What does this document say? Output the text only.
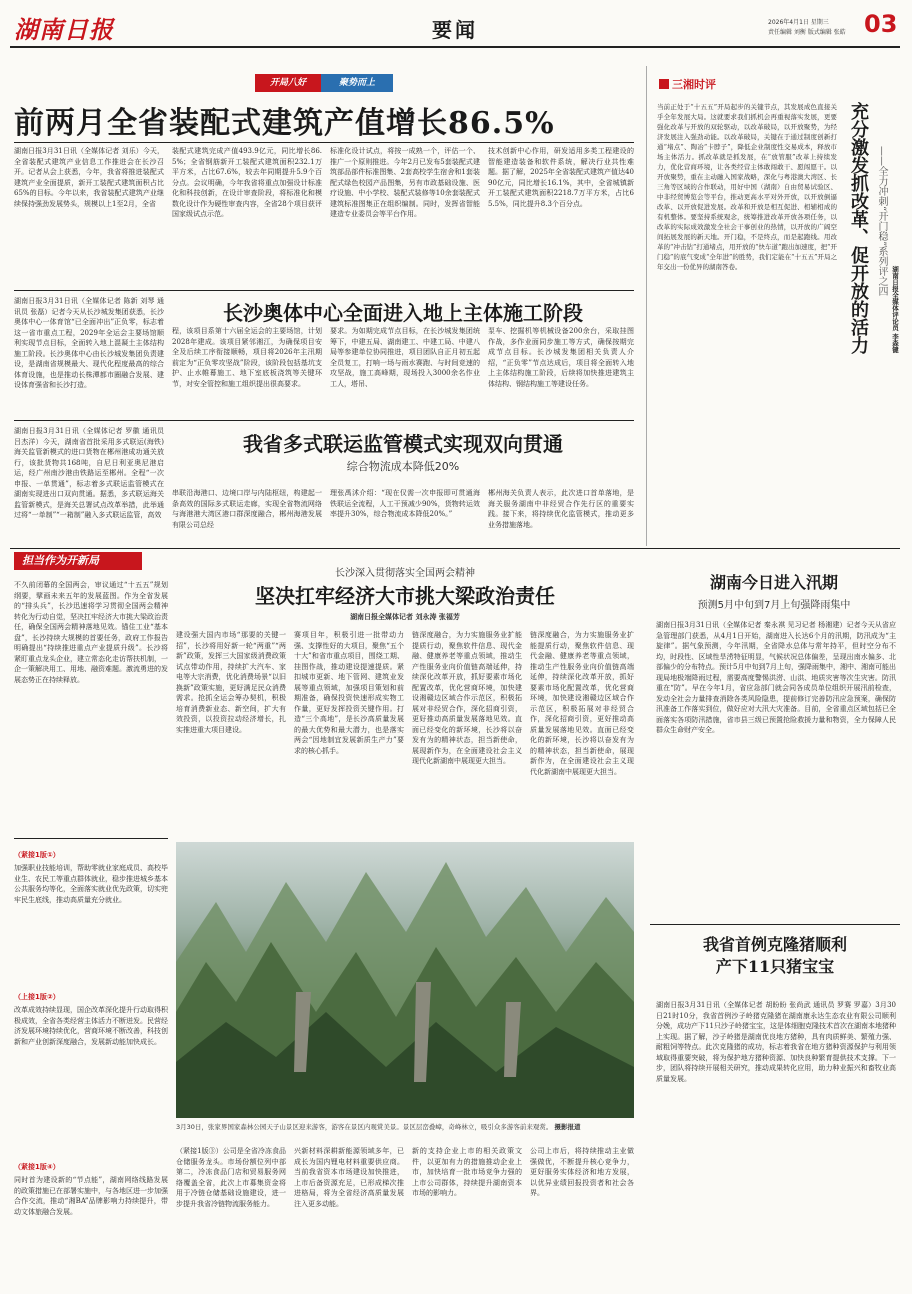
湖南日报	要闻	2026年4月1日 星期三
责任编辑 刘衡 版式编辑 张皓 03
开局八好	聚势而上
前两月全省装配式建筑产值增长86.5%
湖南日报3月31日讯（全媒体记者 刘乐）今天，全省装配式建筑产业信息工作推进会在长沙召开。记者从会上获悉，今年，我省将推进装配式建筑产业全面提质，新开工装配式建筑面积占比65%的目标。今年以来，我省装配式建筑产业继续保持强劲发展势头，规模以上1至2月，全省
装配式建筑完成产值493.9亿元，同比增长86.5%；全省钢筋新开工装配式建筑面积232.1万平方米，占比67.6%，较去年同期提升5.9个百分点。会议明确，今年我省将重点加强设计标准化和科技创新，在设计审查阶段，将标准化和模数化设计作为硬性审查内容，全省28个项目获评国家级试点示范。
标准化设计试点，将按一成熟一个，评估一个、推广一个原则推进。今年2月已发布5套装配式建筑部品部件标准图集、2套高校学生宿舍和1套装配式绿色校园产品图集，另有市政基础设施、医疗设施、中小学校、装配式装修等10余套装配式建筑标准图集正在组织编制。同时，发挥省智能建造专业委员会等平台作用。
技术创新中心作用，研发适用多类工程建设的智能建造装备和软件系统，解决行业共性难题。据了解，2025年全省装配式建筑产值达4090亿元，同比增长16.1%，其中，全省城镇新开工装配式建筑面积2218.7万平方米，占比65.5%，同比提升8.3个百分点。
湖南日报3月31日讯（全媒体记者 陈新 刘琴 通讯员 张磊）记者今天从长沙城发集团获悉，长沙奥体中心一体育馆“已全面冲出”正负零，标志着这一省市重点工程，2029年全运会主要场馆顺利实现节点目标，全面转入地上混凝土主体结构施工阶段。长沙奥体中心由长沙城发集团负责建设，是湖南省规模最大、现代化程度最高的综合体育设施，也是推动长株潭都市圈融合发展、建设体育强省和长沙打造。
长沙奥体中心全面进入地上主体施工阶段
程，该项目系第十六届全运会的主要场馆，计划2028年建成。该项目紧邻湘江，为确保项目安全及后续工序衔接顺畅，项目将2026年主汛期前定为“正负零攻坚战”阶段，该阶段包括基坑支护、止水帷幕施工、地下室底板浇筑等关键环节，对安全管控和施工组织提出很高要求。
要求。为如期完成节点目标，在长沙城发集团统筹下，中建五局、湖南建工、中建工局、中建八局等参建单位协同推进，项目团队自正月初五起全员复工，打响一场与雨水赛跑、与时间竞速的攻坚战，施工高峰期，现场投入3000余名作业工人，塔吊、
泵车、挖掘机等机械设备200余台，采取挂图作战，多作业面同步施工等方式，确保按期完成节点目标。长沙城发集团相关负责人介绍，“正负零”节点达成后，项目将全面转入地上主体结构施工阶段，后续将加快推进建筑主体结构、钢结构施工等建设任务。
湖南日报3月31日讯（全媒体记者 罗徽 通讯员 吕杰洋）今天，湖南省首批采用多式联运(海铁)海关监管新模式的进口货物在郴州港成功通关放行，该批货物共168吨，自尼日利亚奥尼港启运，经广州南沙港由铁路运至郴州。全程“一次申报、一单贯通”，标志着多式联运监管模式在湖南实现进出口双向贯通。据悉，多式联运海关监管新模式，是海关总署试点改革举措，此举通过将“一单制”“一箱制”融入多式联运监管，高效
我省多式联运监管模式实现双向贯通
综合物流成本降低20%
串联沿海港口、边境口岸与内陆枢纽，构建起一条高效的国际多式联运走廊，实现全省物流网络与海港港大湾区港口群深度融合，郴州海港发展有限公司总经
理张禹沭介绍：“现在仅需一次申报即可贯通海铁联运全流程，人工干预减少90%，货物转运效率提升30%，综合物流成本降低20%。”
郴州海关负责人表示，此次进口首单落地，是海关服务湖南中非经贸合作先行区的重要实践。接下来，将持续优化监管模式，推动更多业务措施落地。
三湘时评
当前正处于“十五五”开局起步的关键节点，其发展成色直接关乎全年发展大局。这就要求我们抓机会再重视落实发展，更要强化改革与开放的双轮驱动，以改革破局，以开放聚势，为经济发展注入强劲动能。以改革破局，关键在于通过制度创新打通“堵点”、陶冶“卡脖子”，降低企业制度性交易成本，释放市场主体活力。抓改革就是抓发展，在“放管服”改革上持续发力，优化营商环境，让各类经营主体敢闯敢干、愿闯愿干。以开放聚势，重在主动融入国家战略，深化与粤港澳大湾区、长三角等区域的合作联动，用好中国（湖南）自由贸易试验区、中非经贸博览会等平台，推动更高水平对外开放，以开放倒逼改革、以开放促进发展。改革和开放是相互促进、相辅相成的有机整体。要坚持系统观念，统筹推进改革开放各项任务，以改革的实际成效激发全社会干事创业的热情，以开放的广阔空间拓展发展的新天地。开门稳，不是终点，而是起跑线。用改革的“冲击钻”打通堵点，用开放的“快车道”跑出加速度，把“开门稳”的底气变成“全年进”的胜势，我们定能在“十五五”开局之年交出一份优异的湖南答卷。	充分激发抓改革、促开放的活力 ——全力冲刺“开门稳”系列评之四
湖南日报全媒体评论员 李森键
担当作为开新局
长沙深入贯彻落实全国两会精神
坚决扛牢经济大市挑大梁政治责任
湖南日报全媒体记者 刘永涛 张福芳
不久前闭幕的全国两会，审议通过“十五五”规划纲要，擘画未来五年的发展蓝图。作为全省发展的“排头兵”，长沙迅速将学习贯彻全国两会精神转化为行动自觉，坚决扛牢经济大市挑大梁政治责任，确保全国两会精神落地见效。锚住工业“基本盘”，长沙持续大规模的首要任务，政府工作报告明确提出“持续推进重点产业提质升级”。长沙将紧盯重点龙头企业，建立常态化走访帮扶机制，一企一策解决用工、用地、融资难题。激流勇进的发展态势正在持续释放。
建设强大国内市场“那要的关键一招”，长沙将用好新一轮“两重”“两新”政策，发挥三大国家级消费政策试点带动作用，持续扩大汽车、家电等大宗消费，优化消费场景“以旧换新”政策实施，更好满足民众消费需求。抢抓全运会筹办契机，积极培育消费新业态、新空间，扩大有效投资，以投资拉动经济增长，扎实推进重大项目建设。
赛项目年，积极引进一批带动力强、支撑性好的大项目，聚焦“五个十大”和省市重点项目，围绕工期、挂图作战，推动建设提速提质。紧扣城市更新、地下管网、建筑业发展等重点领域，加强项目策划和前期准备，确保投资快速形成实物工作量，更好发挥投资关键作用。打造“三个高地”，是长沙高质量发展的最大优势和最大潜力，也是落实两会“因地制宜发展新质生产力”要求的核心抓手。
链深度融合，为力实施服务业扩能提质行动，聚焦软件信息、现代金融、健康养老等重点领域，推动生产性服务业向价值链高端延伸，持续深化改革开放，抓好要素市场化配置改革，优化营商环境，加快建设湘赣边区域合作示范区，积极拓展对非经贸合作，深化招商引资，更好推动高质量发展落地见效。直面已经变化的新环境，长沙将以奋发有为的精神状态，担当新使命，展现新作为，在全面建设社会主义现代化新湖南中展现更大担当。
链深度融合，为力实施服务业扩能提质行动，聚焦软件信息、现代金融、健康养老等重点领域，推动生产性服务业向价值链高端延伸，持续深化改革开放，抓好要素市场化配置改革，优化营商环境，加快建设湘赣边区域合作示范区，积极拓展对非经贸合作，深化招商引资，更好推动高质量发展落地见效。直面已经变化的新环境，长沙将以奋发有为的精神状态，担当新使命，展现新作为，在全面建设社会主义现代化新湖南中展现更大担当。
（紧接1版①）
加强职业技能培训，帮助零就业家庭成员、高校毕业生、农民工等重点群体就业，稳步推进城乡基本公共服务均等化，全面落实就业优先政策，切实兜牢民生底线，推动高质量充分就业。
（上接1版②）
改革成效持续显现，国企改革深化提升行动取得积极成效，全省各类经营主体活力不断迸发。民营经济发展环境持续优化，营商环境不断改善，科技创新和产业创新深度融合，发展新动能加快成长。
（紧接1版④）
同时首为建设新的“节点能”，湖南网络线路发展的政策措施已在部署实施中，与各地区进一步加强合作交流，推动“湘BA”品牌影响力持续提升，带动文体旅融合发展。
3月30日，张家界国家森林公园天子山景区迎来游客，游客在景区内观赏美景。景区层峦叠嶂，奇峰林立，吸引众多游客前来观赏。 摄影报道
（紧接1版③）公司是全省冷冻食品仓储服务龙头。市场份额位列中部第二，冷冻食品门店和贸易服务网络覆盖全省，此次上市募集资金将用于冷链仓储基础设施建设，进一步提升我省冷链物流服务能力。
兴新材料深耕新能源领域多年，已成长为国内锂电材料重要供应商。当前我省资本市场建设加快推进，上市后备资源充足，已形成梯次推进格局，将为全省经济高质量发展注入更多动能。
新的支持企业上市的相关政策文件，以更加有力的措施推动企业上市，加快培育一批市场竞争力强的上市公司群体，持续提升湖南资本市场的影响力。
公司上市后，将持续推动主业做强做优，不断提升核心竞争力，更好服务实体经济和地方发展，以优异业绩回报投资者和社会各界。
湖南今日进入汛期
预测5月中旬到7月上旬强降雨集中
湖南日报3月31日讯（全媒体记者 秦永祺 见习记者 杨湘建）记者今天从省应急管理部门获悉，从4月1日开始，湖南进入长达6个月的汛期，防汛成为“主旋律”。据气象预测，今年汛期，全省降水总体与常年持平，但时空分布不均，时段性、区域性旱涝特征明显，气候状况总体偏差，呈现出南水偏多、北部偏少的分布特点。预计5月中旬到7月上旬，强降雨集中，湘中、湘南可能出现局地极端降雨过程，需要高度警惕洪涝、山洪、地质灾害等次生灾害。防汛重在“防”。早在今年1月，省应急部门就会同各成员单位组织开展汛前检查，发动全社会力量排查消除各类风险隐患，提前修订完善防汛应急预案，确保防汛准备工作落实到位，做好应对大汛大灾准备。目前，全省重点区域包括已全面落实各项防汛措施，省市县三级已预置抢险救援力量和物资，全力保障人民群众生命财产安全。
我省首例克隆猪顺利产下11只猪宝宝
湖南日报3月31日讯（全媒体记者 胡盼盼 张尚武 通讯员 罗赛 罗嘉）3月30日21时10分，我省首例沙子岭猪克隆猪在湖南康永达生态农业有限公司顺利分娩，成功产下11只沙子岭猪宝宝，这是体细胞克隆技术首次在湖南本地猪种上实现。据了解，沙子岭猪是湖南优良地方猪种，具有肉质鲜美、繁殖力强、耐粗饲等特点。此次克隆猪的成功，标志着我省在地方猪种资源保护与利用领域取得重要突破，将为保护地方猪种资源、加快良种繁育提供技术支撑。下一步，团队将持续开展相关研究，推动成果转化应用，助力种业振兴和畜牧业高质量发展。
